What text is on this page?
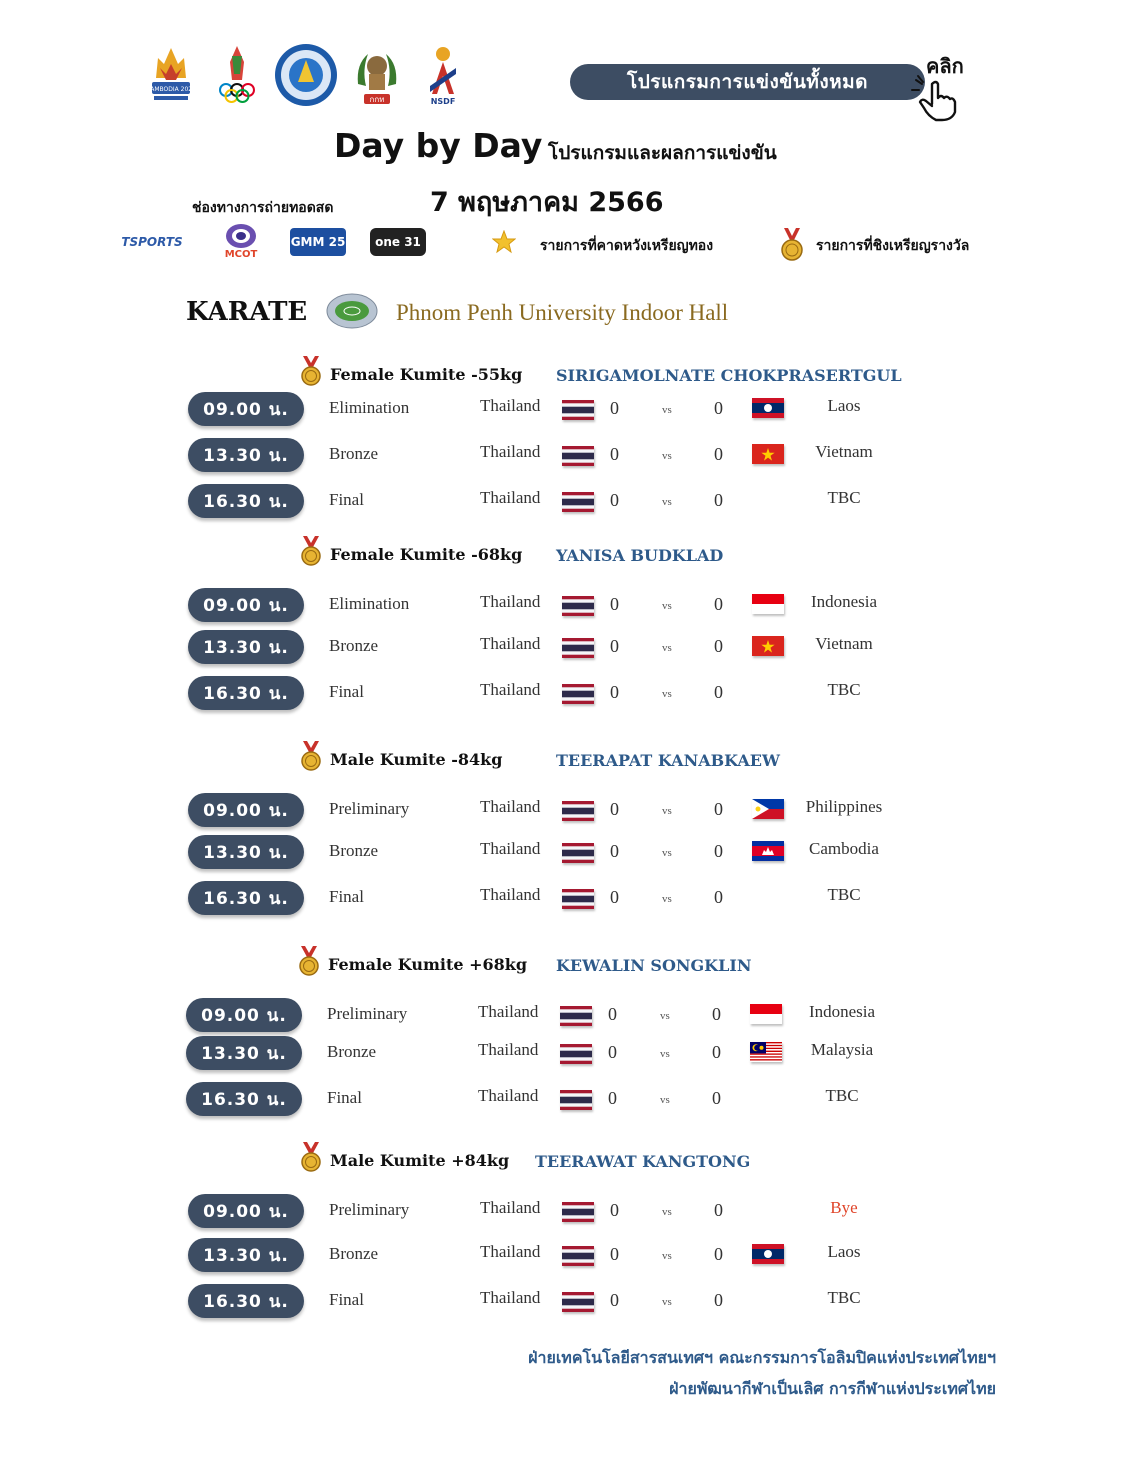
CAMBODIA 2023
กกท	NSDF
โปรแกรมการแข่งขันทั้งหมด
คลิก
Day by Day โปรแกรมและผลการแข่งขัน
7 พฤษภาคม 2566
ช่องทางการถ่ายทอดสด
TSPORTS
MCOT
GMM 25	one 31	รายการที่คาดหวังเหรียญทอง	รายการที่ชิงเหรียญรางวัล
KARATE	Phnom Penh University Indoor Hall
Female Kumite -55kg SIRIGAMOLNATE CHOKPRASERTGUL
09.00 น.	Elimination	Thailand	0	vs 0	Laos
13.30 น.	Bronze	Thailand	0	vs 0	Vietnam
16.30 น.	Final	Thailand	0	vs 0	TBC
Female Kumite -68kg YANISA BUDKLAD
09.00 น.	Elimination	Thailand	0	vs 0	Indonesia
13.30 น.	Bronze	Thailand	0	vs 0	Vietnam
16.30 น.	Final	Thailand	0	vs 0	TBC
Male Kumite -84kg	TEERAPAT KANABKAEW
09.00 น.	Preliminary	Thailand	0	vs 0	Philippines
13.30 น.	Bronze	Thailand	0	vs 0	Cambodia
16.30 น.	Final	Thailand	0	vs 0	TBC
Female Kumite +68kg KEWALIN SONGKLIN
09.00 น.	Preliminary	Thailand	0	vs 0	Indonesia
13.30 น.	Bronze	Thailand	0	vs 0	Malaysia
16.30 น.	Final	Thailand	0	vs 0	TBC
Male Kumite +84kg TEERAWAT KANGTONG
09.00 น.	Preliminary	Thailand	0	vs 0	Bye
13.30 น.	Bronze	Thailand	0	vs 0	Laos
16.30 น.	Final	Thailand	0	vs 0	TBC
ฝ่ายเทคโนโลยีสารสนเทศฯ คณะกรรมการโอลิมปิคแห่งประเทศไทยฯ
ฝ่ายพัฒนากีฬาเป็นเลิศ การกีฬาแห่งประเทศไทย
